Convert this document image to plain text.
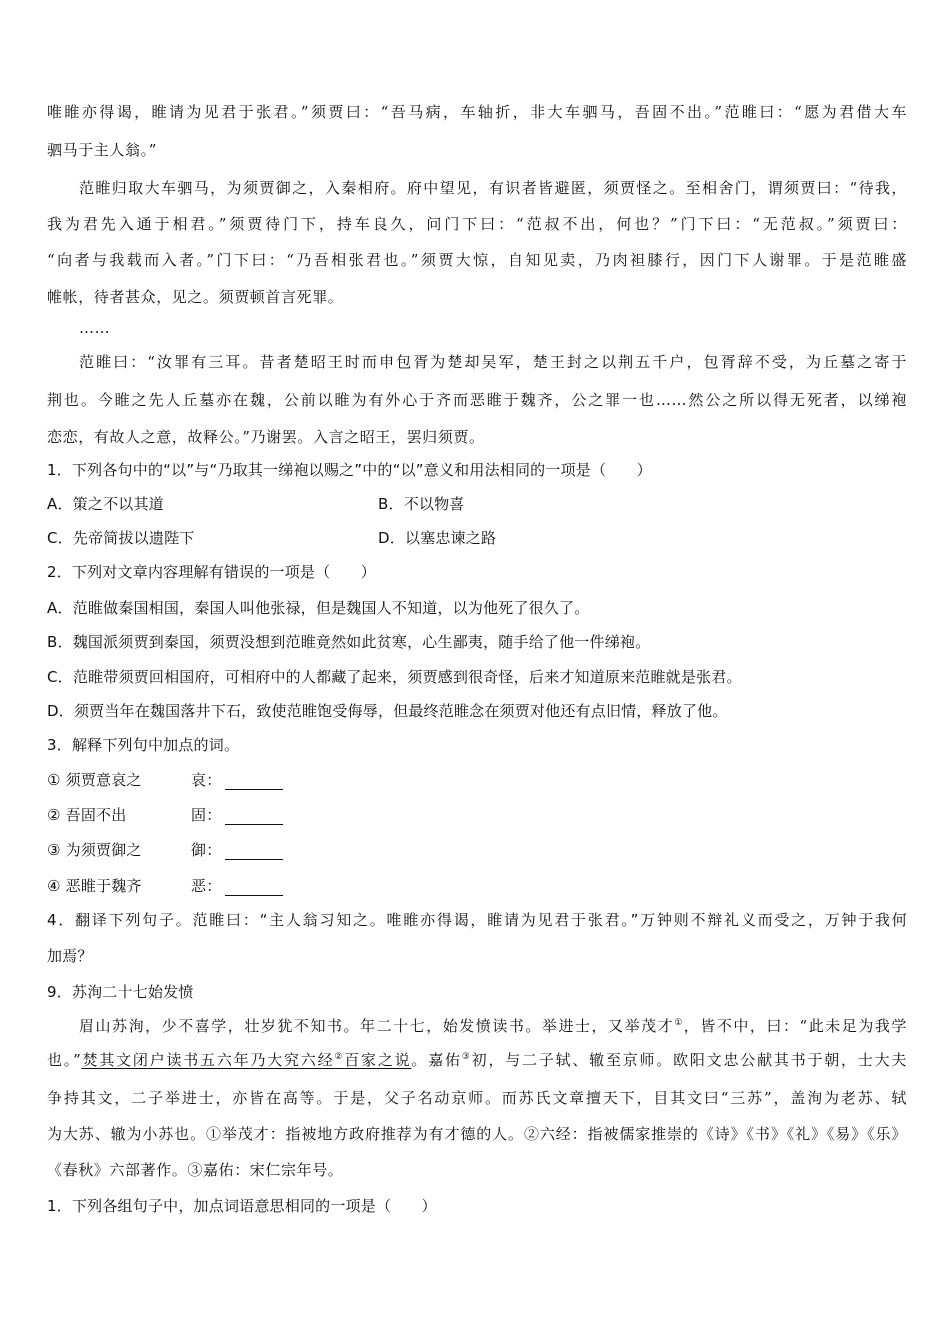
唯睢亦得谒，睢请为见君于张君。”须贾曰：“吾马病，车轴折，非大车驷马，吾固不出。”范睢曰：“愿为君借大车
驷马于主人翁。”
范睢归取大车驷马，为须贾御之，入秦相府。府中望见，有识者皆避匿，须贾怪之。至相舍门，谓须贾曰：“待我，
我为君先入通于相君。”须贾待门下，持车良久，问门下曰：“范叔不出，何也？”门下曰：“无范叔。”须贾曰：
“向者与我载而入者。”门下曰：“乃吾相张君也。”须贾大惊，自知见卖，乃肉袒膝行，因门下人谢罪。于是范睢盛
帷帐，待者甚众，见之。须贾顿首言死罪。
……
范睢曰：“汝罪有三耳。昔者楚昭王时而申包胥为楚却吴军，楚王封之以荆五千户，包胥辞不受，为丘墓之寄于
荆也。今睢之先人丘墓亦在魏，公前以睢为有外心于齐而恶睢于魏齐，公之罪一也……然公之所以得无死者，以绨袍
恋恋，有故人之意，故释公。”乃谢罢。入言之昭王，罢归须贾。
1．下列各句中的“以”与“乃取其一绨袍以赐之”中的“以”意义和用法相同的一项是（　　）
A．策之不以其道	B．不以物喜
C．先帝简拔以遗陛下	D．以塞忠谏之路
2．下列对文章内容理解有错误的一项是（　　）
A．范睢做秦国相国，秦国人叫他张禄，但是魏国人不知道，以为他死了很久了。
B．魏国派须贾到秦国，须贾没想到范睢竟然如此贫寒，心生鄙夷，随手给了他一件绨袍。
C．范睢带须贾回相国府，可相府中的人都藏了起来，须贾感到很奇怪，后来才知道原来范睢就是张君。
D．须贾当年在魏国落井下石，致使范睢饱受侮辱，但最终范睢念在须贾对他还有点旧情，释放了他。
3．解释下列句中加点的词。
① 须贾意哀之	哀：
② 吾固不出	固：
③ 为须贾御之	御：
④ 恶睢于魏齐	恶：
4．翻译下列句子。范睢曰：“主人翁习知之。唯睢亦得谒，睢请为见君于张君。”万钟则不辩礼义而受之，万钟于我何
加焉？
9．苏洵二十七始发愤
眉山苏洵，少不喜学，壮岁犹不知书。年二十七，始发愤读书。举进士，又举茂才①，皆不中，曰：“此未足为我学
也。”焚其文闭户读书五六年乃大究六经②百家之说。嘉佑③初，与二子轼、辙至京师。欧阳文忠公献其书于朝，士大夫
争持其文，二子举进士，亦皆在高等。于是，父子名动京师。而苏氏文章擅天下，目其文曰“三苏”，盖洵为老苏、轼
为大苏、辙为小苏也。①举茂才：指被地方政府推荐为有才德的人。②六经：指被儒家推崇的《诗》《书》《礼》《易》《乐》
《春秋》六部著作。③嘉佑：宋仁宗年号。
1．下列各组句子中，加点词语意思相同的一项是（　　）
